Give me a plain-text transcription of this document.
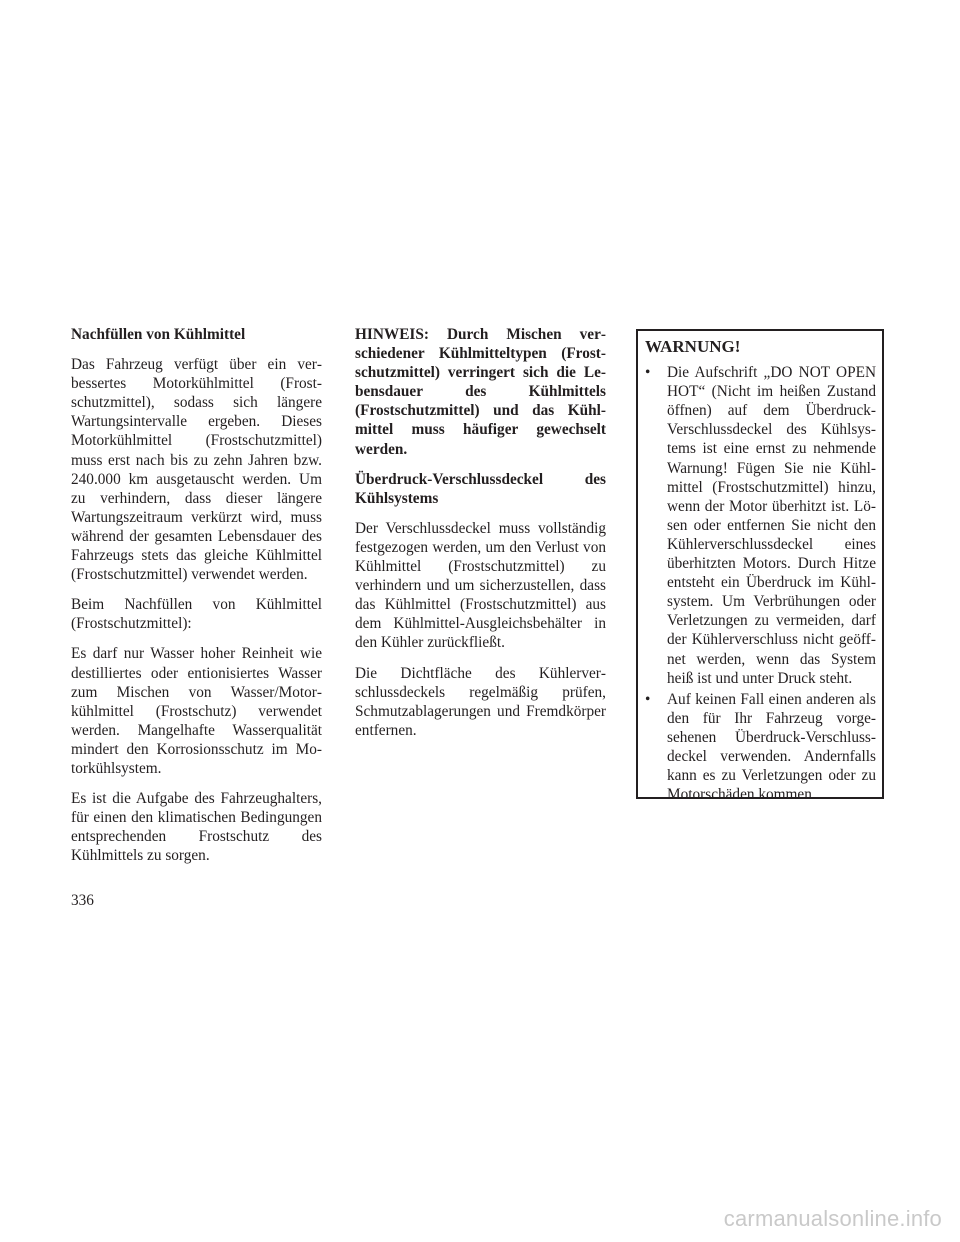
Nachfüllen von Kühlmittel

Das Fahrzeug verfügt über ein verbessertes Motorkühlmittel (Frostschutzmittel), sodass sich längere Wartungsintervalle ergeben. Dieses Motorkühlmittel (Frostschutzmittel) muss erst nach bis zu zehn Jahren bzw. 240.000 km ausgetauscht werden. Um zu verhindern, dass dieser längere Wartungszeitraum verkürzt wird, muss während der gesamten Lebensdauer des Fahrzeugs stets das gleiche Kühlmittel (Frostschutzmittel) verwendet werden.

Beim Nachfüllen von Kühlmittel (Frostschutzmittel):

Es darf nur Wasser hoher Reinheit wie destilliertes oder entionisiertes Wasser zum Mischen von Wasser/Motorkühlmittel (Frostschutz) verwendet werden. Mangelhafte Wasserqualität mindert den Korrosionsschutz im Motorkühlsystem.

Es ist die Aufgabe des Fahrzeughalters, für einen den klimatischen Bedingungen entsprechenden Frostschutz des Kühlmittels zu sorgen.

HINWEIS: Durch Mischen verschiedener Kühlmitteltypen (Frostschutzmittel) verringert sich die Lebensdauer des Kühlmittels (Frostschutzmittel) und das Kühlmittel muss häufiger gewechselt werden.

Überdruck-Verschlussdeckel des Kühlsystems

Der Verschlussdeckel muss vollständig festgezogen werden, um den Verlust von Kühlmittel (Frostschutzmittel) zu verhindern und um sicherzustellen, dass das Kühlmittel (Frostschutzmittel) aus dem Kühlmittel-Ausgleichsbehälter in den Kühler zurückfließt.

Die Dichtfläche des Kühlerverschlussdeckels regelmäßig prüfen, Schmutzablagerungen und Fremdkörper entfernen.

WARNUNG!
• Die Aufschrift „DO NOT OPEN HOT“ (Nicht im heißen Zustand öffnen) auf dem Überdruck-Verschlussdeckel des Kühlsystems ist eine ernst zu nehmende Warnung! Fügen Sie nie Kühlmittel (Frostschutzmittel) hinzu, wenn der Motor überhitzt ist. Lösen oder entfernen Sie nicht den Kühlerverschlussdeckel eines überhitzten Motors. Durch Hitze entsteht ein Überdruck im Kühlsystem. Um Verbrühungen oder Verletzungen zu vermeiden, darf der Kühlerverschluss nicht geöffnet werden, wenn das System heiß ist und unter Druck steht.
• Auf keinen Fall einen anderen als den für Ihr Fahrzeug vorgesehenen Überdruck-Verschlussdeckel verwenden. Andernfalls kann es zu Verletzungen oder zu Motorschäden kommen.
336
carmanualsonline.info
